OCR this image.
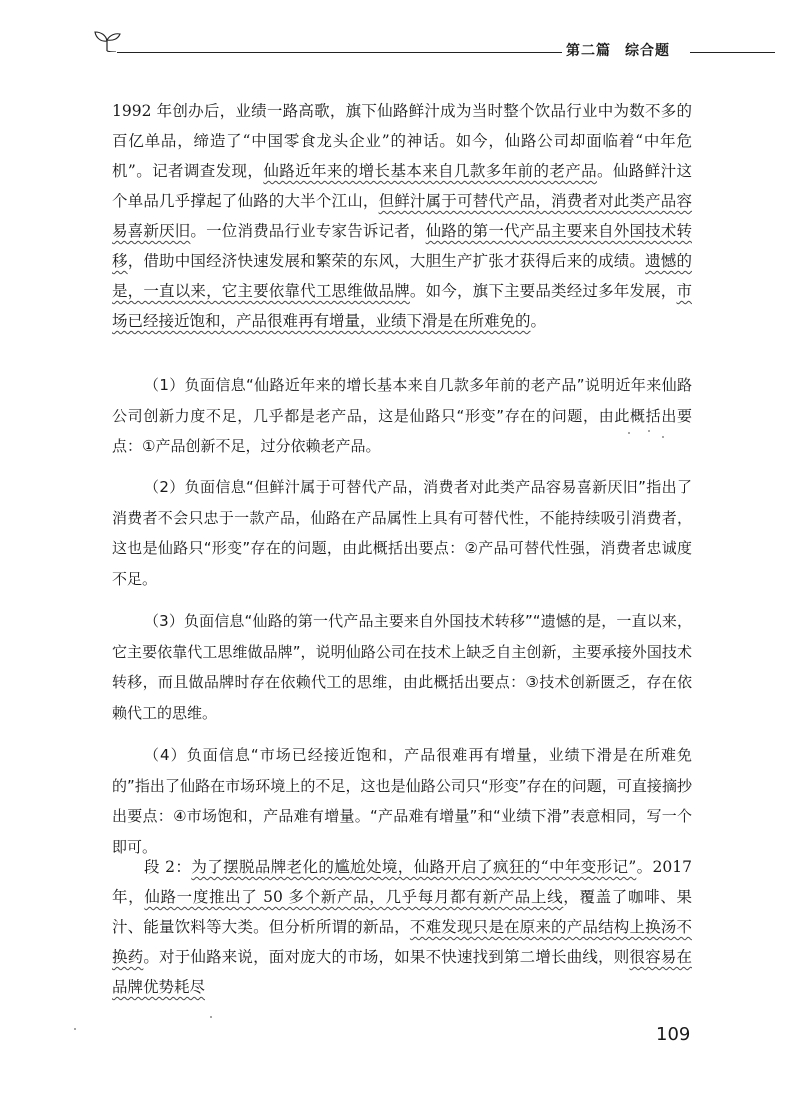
第二篇 综合题

1992 年创办后，业绩一路高歌，旗下仙路鲜汁成为当时整个饮品行业中为数不多的百亿单品，缔造了“中国零食龙头企业”的神话。如今，仙路公司却面临着“中年危机”。记者调查发现，仙路近年来的增长基本来自几款多年前的老产品。仙路鲜汁这个单品几乎撑起了仙路的大半个江山，但鲜汁属于可替代产品，消费者对此类产品容易喜新厌旧。一位消费品行业专家告诉记者，仙路的第一代产品主要来自外国技术转移，借助中国经济快速发展和繁荣的东风，大胆生产扩张才获得后来的成绩。遗憾的是，一直以来，它主要依靠代工思维做品牌。如今，旗下主要品类经过多年发展，市场已经接近饱和，产品很难再有增量，业绩下滑是在所难免的。

（1）负面信息“仙路近年来的增长基本来自几款多年前的老产品”说明近年来仙路公司创新力度不足，几乎都是老产品，这是仙路只“形变”存在的问题，由此概括出要点：①产品创新不足，过分依赖老产品。
（2）负面信息“但鲜汁属于可替代产品，消费者对此类产品容易喜新厌旧”指出了消费者不会只忠于一款产品，仙路在产品属性上具有可替代性，不能持续吸引消费者，这也是仙路只“形变”存在的问题，由此概括出要点：②产品可替代性强，消费者忠诚度不足。
（3）负面信息“仙路的第一代产品主要来自外国技术转移”“遗憾的是，一直以来，它主要依靠代工思维做品牌”，说明仙路公司在技术上缺乏自主创新，主要承接外国技术转移，而且做品牌时存在依赖代工的思维，由此概括出要点：③技术创新匮乏，存在依赖代工的思维。
（4）负面信息“市场已经接近饱和，产品很难再有增量，业绩下滑是在所难免的”指出了仙路在市场环境上的不足，这也是仙路公司只“形变”存在的问题，可直接摘抄出要点：④市场饱和，产品难有增量。“产品难有增量”和“业绩下滑”表意相同，写一个即可。

段 2：为了摆脱品牌老化的尴尬处境，仙路开启了疯狂的“中年变形记”。2017 年，仙路一度推出了 50 多个新产品，几乎每月都有新产品上线，覆盖了咖啡、果汁、能量饮料等大类。但分析所谓的新品，不难发现只是在原来的产品结构上换汤不换药。对于仙路来说，面对庞大的市场，如果不快速找到第二增长曲线，则很容易在品牌优势耗尽

109
